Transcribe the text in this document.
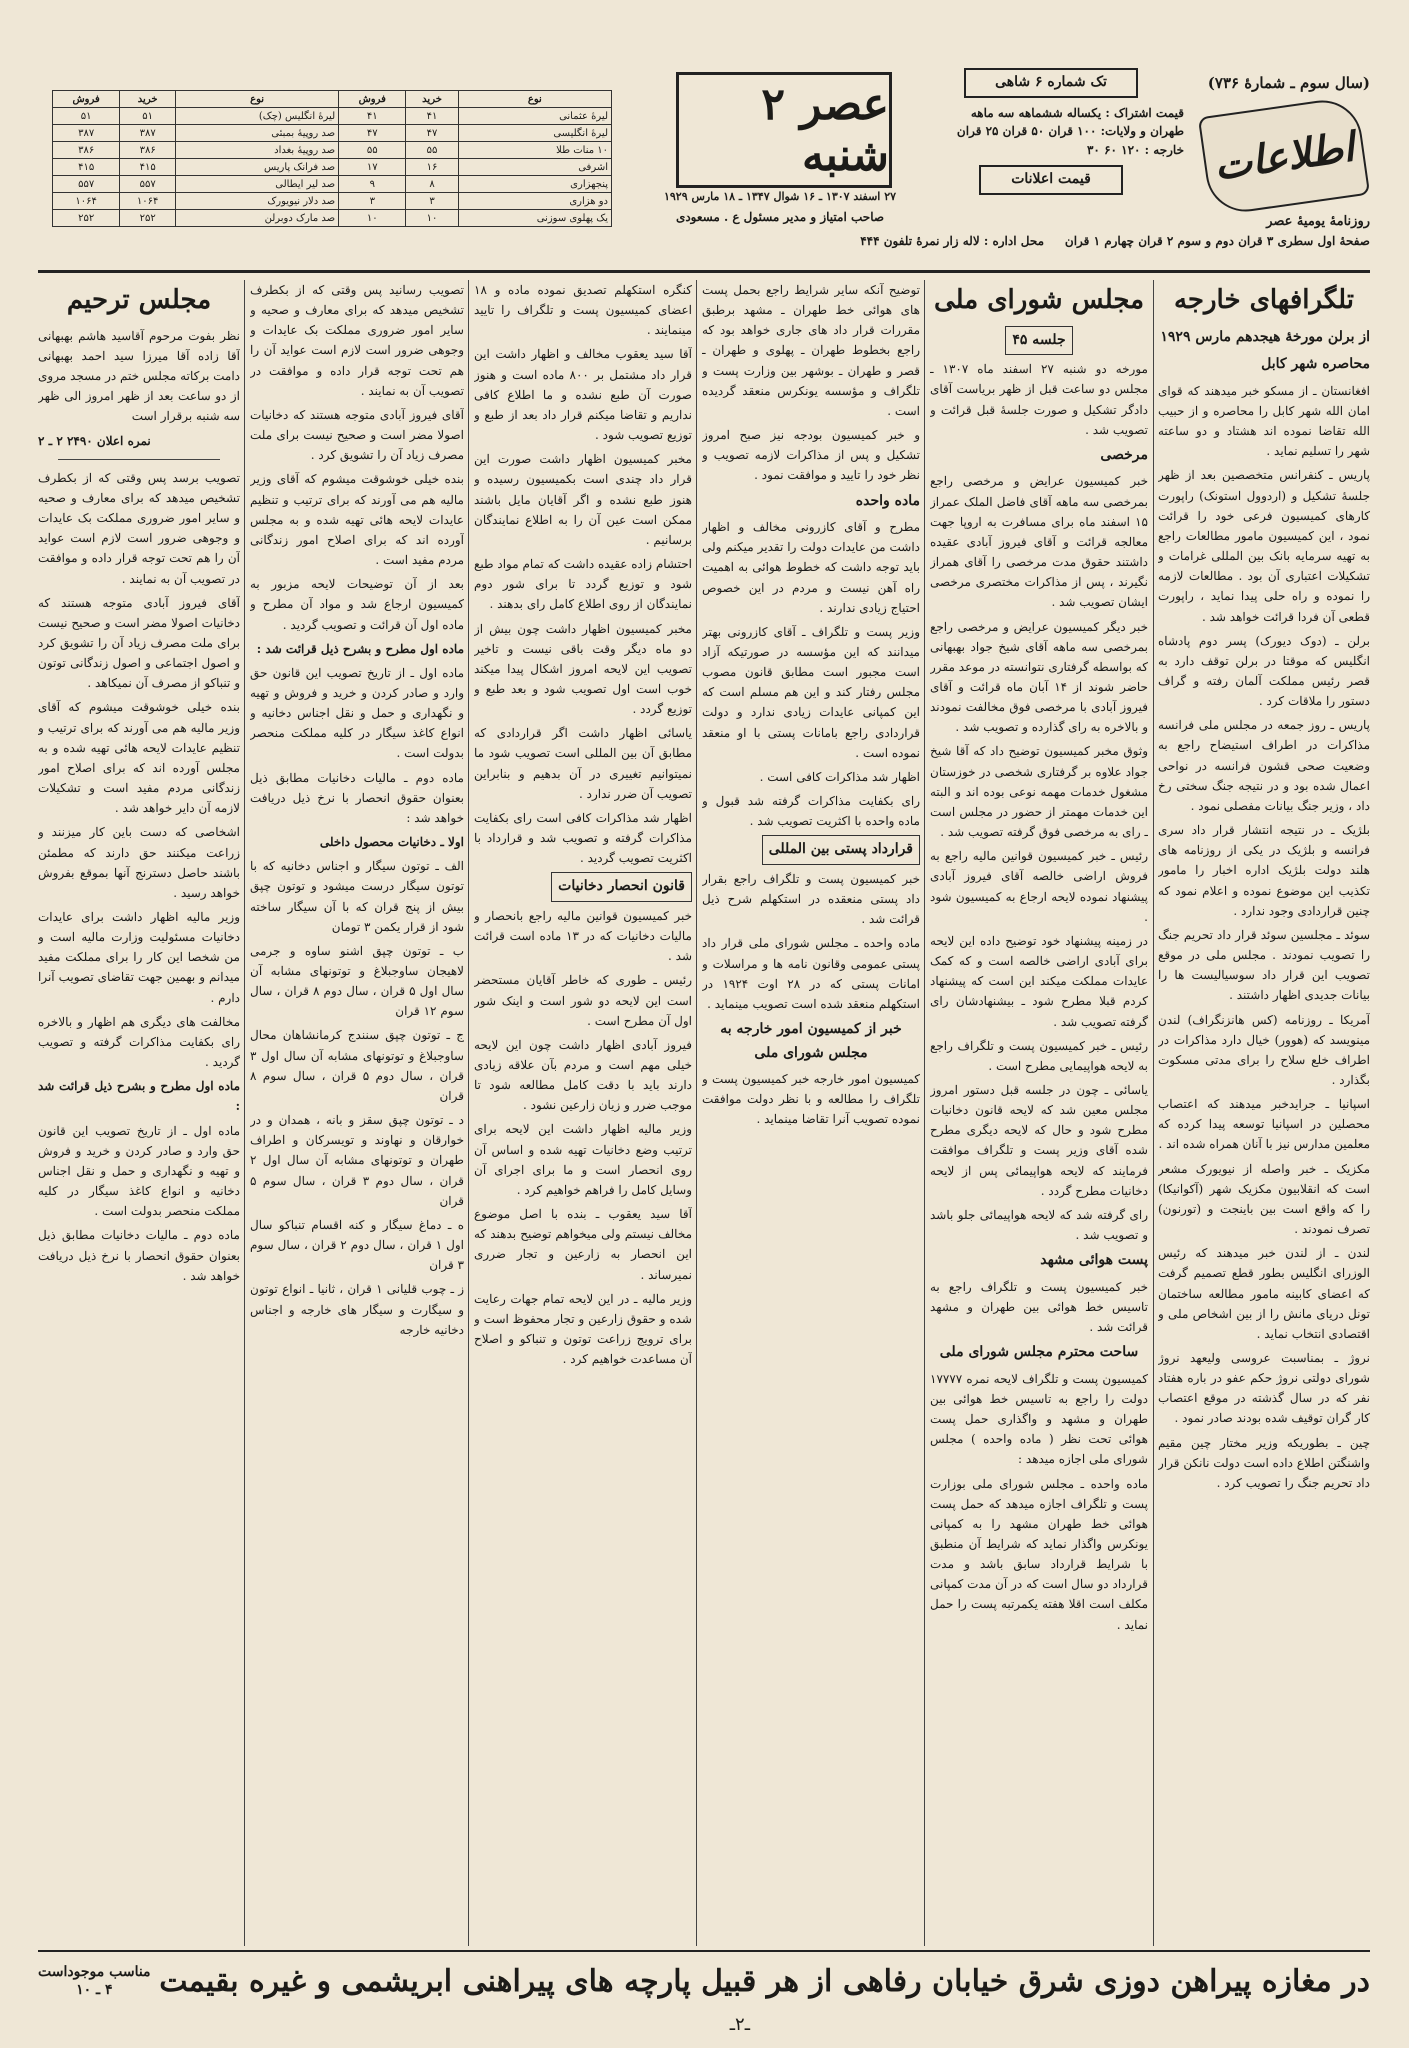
(سال سوم ـ شمارهٔ ۷۳۶)
اطلاعات
روزنامهٔ یومیهٔ عصر
تک شماره ۶ شاهی
قیمت اشتراک : یکساله ششماهه سه ماهه
طهران و ولایات: ۱۰۰ قران ۵۰ قران ۲۵ قران
خارجه : ۱۲۰ ۶۰ ۳۰
قیمت اعلانات
صفحهٔ اول سطری ۳ قران دوم و سوم ۲ قران چهارم ۱ قران     محل اداره : لاله زار نمرهٔ تلفون ۴۴۴
عصر ۲ شنبه
۲۷ اسفند ۱۳۰۷ ـ ۱۶ شوال ۱۳۴۷ ـ ۱۸ مارس ۱۹۲۹
صاحب امتیاز و مدیر مسئول ع . مسعودی
نوع	خرید	فروش	نوع	خرید	فروش
لیرهٔ عثمانی	۴۱	۴۱	لیرهٔ انگلیس (چک)	۵۱	۵۱
لیرهٔ انگلیسی	۴۷	۴۷	صد روپیهٔ بمبئی	۳۸۷	۳۸۷
۱۰ منات طلا	۵۵	۵۵	صد روپیهٔ بغداد	۳۸۶	۳۸۶
اشرفی	۱۶	۱۷	صد فرانک پاریس	۴۱۵	۴۱۵
پنجهزاری	۸	۹	صد لیر ایطالی	۵۵۷	۵۵۷
دو هزاری	۳	۳	صد دلار نیویورک	۱۰۶۴	۱۰۶۴
یک پهلوی سوزنی	۱۰	۱۰	صد مارک دوبرلن	۲۵۲	۲۵۲
تلگرافهای خارجه
از برلن مورخهٔ هیجدهم مارس ۱۹۲۹
محاصره شهر کابل

افغانستان ـ از مسکو خبر میدهند که قوای امان الله شهر کابل را محاصره و از حبیب الله تقاضا نموده اند هشتاد و دو ساعته شهر را تسلیم نماید .

پاریس ـ کنفرانس متخصصین بعد از ظهر جلسهٔ تشکیل و (اردوول استونک) راپورت کارهای کمیسیون فرعی خود را قرائت نمود ، این کمیسیون مامور مطالعات راجع به تهیه سرمایه بانک بین المللی غرامات و تشکیلات اعتباری آن بود . مطالعات لازمه را نموده و راه حلی پیدا نماید ، راپورت قطعی آن فردا قرائت خواهد شد .

برلن ـ (دوک دیورک) پسر دوم پادشاه انگلیس که موقتا در برلن توقف دارد به قصر رئیس مملکت آلمان رفته و گراف دستور را ملاقات کرد .

پاریس ـ روز جمعه در مجلس ملی فرانسه مذاکرات در اطراف استیضاح راجع به وضعیت صحی قشون فرانسه در نواحی اعمال شده بود و در نتیجه جنگ سختی رخ داد ، وزیر جنگ بیانات مفصلی نمود .

بلژیک ـ در نتیجه انتشار قرار داد سری فرانسه و بلژیک در یکی از روزنامه های هلند دولت بلژیک اداره اخبار را مامور تکذیب این موضوع نموده و اعلام نمود که چنین قراردادی وجود ندارد .

سوئد ـ مجلسین سوئد قرار داد تحریم جنگ را تصویب نمودند . مجلس ملی در موقع تصویب این قرار داد سوسیالیست ها را بیانات جدیدی اظهار داشتند .

آمریکا ـ روزنامه (کس هانزنگراف) لندن مینویسد که (هوور) خیال دارد مذاکرات در اطراف خلع سلاح را برای مدتی مسکوت بگذارد .

اسپانیا ـ جرایدخبر میدهند که اعتصاب محصلین در اسپانیا توسعه پیدا کرده که معلمین مدارس نیز با آنان همراه شده اند .

مکزیک ـ خبر واصله از نیویورک مشعر است که انقلابیون مکزیک شهر (آکوانیکا) را که واقع است بین باینجت و (تورنون) تصرف نمودند .

لندن ـ از لندن خبر میدهند که رئیس الوزرای انگلیس بطور قطع تصمیم گرفت که اعضای کابینه مامور مطالعه ساختمان تونل دریای مانش را از بین اشخاص ملی و اقتصادی انتخاب نماید .

نروژ ـ بمناسبت عروسی ولیعهد نروژ شورای دولتی نروژ حکم عفو در باره هفتاد نفر که در سال گذشته در موقع اعتصاب کار گران توقیف شده بودند صادر نمود .

چین ـ بطوریکه وزیر مختار چین مقیم واشنگتن اطلاع داده است دولت نانکن قرار داد تحریم جنگ را تصویب کرد .

مجلس شورای ملی
جلسه ۴۵

مورخه دو شنبه ۲۷ اسفند ماه ۱۳۰۷ ـ مجلس دو ساعت قبل از ظهر بریاست آقای دادگر تشکیل و صورت جلسهٔ قبل قرائت و تصویب شد .

مرخصی

خبر کمیسیون عرایض و مرخصی راجع بمرخصی سه ماهه آقای فاضل الملک عمراز ۱۵ اسفند ماه برای مسافرت به اروپا جهت معالجه قرائت و آقای فیروز آبادی عقیده داشتند حقوق مدت مرخصی را آقای همراز نگیرند ، پس از مذاکرات مختصری مرخصی ایشان تصویب شد .

خبر دیگر کمیسیون عرایض و مرخصی راجع بمرخصی سه ماهه آقای شیخ جواد بهبهانی که بواسطه گرفتاری نتوانسته در موعد مقرر حاضر شوند از ۱۴ آبان ماه قرائت و آقای فیروز آبادی با مرخصی فوق مخالفت نمودند و بالاخره به رای گذارده و تصویب شد .

وثوق مخبر کمیسیون توضیح داد که آقا شیخ جواد علاوه بر گرفتاری شخصی در خوزستان مشغول خدمات مهمه نوعی بوده اند و البته این خدمات مهمتر از حضور در مجلس است ـ رای به مرخصی فوق گرفته تصویب شد .

رئیس ـ خبر کمیسیون قوانین مالیه راجع به فروش اراضی خالصه آقای فیروز آبادی پیشنهاد نموده لایحه ارجاع به کمیسیون شود .

در زمینه پیشنهاد خود توضیح داده این لایحه برای آبادی اراضی خالصه است و که کمک عایدات مملکت میکند این است که پیشنهاد کردم قبلا مطرح شود ـ بیشنهادشان رای گرفته تصویب شد .

رئیس ـ خبر کمیسیون پست و تلگراف راجع به لایحه هواپیمایی مطرح است .

یاسائی ـ چون در جلسه قبل دستور امروز مجلس معین شد که لایحه قانون دخانیات مطرح شود و حال که لایحه دیگری مطرح شده آقای وزیر پست و تلگراف موافقت فرمایند که لایحه هواپیمائی پس از لایحه دخانیات مطرح گردد .

رای گرفته شد که لایحه هواپیمائی جلو باشد و تصویب شد .

پست هوائی مشهد

خبر کمیسیون پست و تلگراف راجع به تاسیس خط هوائی بین طهران و مشهد قرائت شد .

ساحت محترم مجلس شورای ملی

کمیسیون پست و تلگراف لایحه نمره ۱۷۷۷۷ دولت را راجع به تاسیس خط هوائی بین طهران و مشهد و واگذاری حمل پست هوائی تحت نظر ( ماده واحده ) مجلس شورای ملی اجازه میدهد :

ماده واحده ـ مجلس شورای ملی بوزارت پست و تلگراف اجازه میدهد که حمل پست هوائی خط طهران مشهد را به کمپانی یونکرس واگذار نماید که شرایط آن منطبق با شرایط قرارداد سابق باشد و مدت قرارداد دو سال است که در آن مدت کمپانی مکلف است اقلا هفته یکمرتبه پست را حمل نماید .

توضیح آنکه سایر شرایط راجع بحمل پست های هوائی خط طهران ـ مشهد برطبق مقررات قرار داد های جاری خواهد بود که راجع بخطوط طهران ـ پهلوی و طهران ـ قصر و طهران ـ بوشهر بین وزارت پست و تلگراف و مؤسسه یونکرس منعقد گردیده است .

و خبر کمیسیون بودجه نیز صبح امروز تشکیل و پس از مذاکرات لازمه تصویب و نظر خود را تایید و موافقت نمود .

ماده واحده

مطرح و آقای کازرونی مخالف و اظهار داشت من عایدات دولت را تقدیر میکنم ولی باید توجه داشت که خطوط هوائی به اهمیت راه آهن نیست و مردم در این خصوص احتیاج زیادی ندارند .

وزیر پست و تلگراف ـ آقای کازرونی بهتر میدانند که این مؤسسه در صورتیکه آزاد است مجبور است مطابق قانون مصوب مجلس رفتار کند و این هم مسلم است که این کمپانی عایدات زیادی ندارد و دولت قراردادی راجع بامانات پستی با او منعقد نموده است .

اظهار شد مذاکرات کافی است .

رای بکفایت مذاکرات گرفته شد قبول و ماده واحده با اکثریت تصویب شد .

قرارداد پستی بین المللی

خبر کمیسیون پست و تلگراف راجع بقرار داد پستی منعقده در استکهلم شرح ذیل قرائت شد .

ماده واحده ـ مجلس شورای ملی قرار داد پستی عمومی وقانون نامه ها و مراسلات و امانات پستی که در ۲۸ اوت ۱۹۲۴ در استکهلم منعقد شده است تصویب مینماید .

خبر از کمیسیون امور خارجه به مجلس شورای ملی

کمیسیون امور خارجه خبر کمیسیون پست و تلگراف را مطالعه و با نظر دولت موافقت نموده تصویب آنرا تقاضا مینماید .

کنگره استکهلم تصدیق نموده ماده و ۱۸ اعضای کمیسیون پست و تلگراف را تایید مینمایند .

آقا سید یعقوب مخالف و اظهار داشت این قرار داد مشتمل بر ۸۰۰ ماده است و هنوز صورت آن طبع نشده و ما اطلاع کافی نداریم و تقاضا میکنم قرار داد بعد از طبع و توزیع تصویب شود .

مخبر کمیسیون اظهار داشت صورت این قرار داد چندی است بکمیسیون رسیده و هنوز طبع نشده و اگر آقایان مایل باشند ممکن است عین آن را به اطلاع نمایندگان برسانیم .

احتشام زاده عقیده داشت که تمام مواد طبع شود و توزیع گردد تا برای شور دوم نمایندگان از روی اطلاع کامل رای بدهند .

مخبر کمیسیون اظهار داشت چون بیش از دو ماه دیگر وقت باقی نیست و تاخیر تصویب این لایحه امروز اشکال پیدا میکند خوب است اول تصویب شود و بعد طبع و توزیع گردد .

یاسائی اظهار داشت اگر قراردادی که مطابق آن بین المللی است تصویب شود ما نمیتوانیم تغییری در آن بدهیم و بنابراین تصویب آن ضرر ندارد .

اظهار شد مذاکرات کافی است رای بکفایت مذاکرات گرفته و تصویب شد و قرارداد با اکثریت تصویب گردید .

قانون انحصار دخانیات

خبر کمیسیون قوانین مالیه راجع بانحصار و مالیات دخانیات که در ۱۳ ماده است قرائت شد .

رئیس ـ طوری که خاطر آقایان مستحضر است این لایحه دو شور است و اینک شور اول آن مطرح است .

فیروز آبادی اظهار داشت چون این لایحه خیلی مهم است و مردم بآن علاقه زیادی دارند باید با دقت کامل مطالعه شود تا موجب ضرر و زیان زارعین نشود .

وزیر مالیه اظهار داشت این لایحه برای ترتیب وضع دخانیات تهیه شده و اساس آن روی انحصار است و ما برای اجرای آن وسایل کامل را فراهم خواهیم کرد .

آقا سید یعقوب ـ بنده با اصل موضوع مخالف نیستم ولی میخواهم توضیح بدهند که این انحصار به زارعین و تجار ضرری نمیرساند .

وزیر مالیه ـ در این لایحه تمام جهات رعایت شده و حقوق زارعین و تجار محفوظ است و برای ترویج زراعت توتون و تنباکو و اصلاح آن مساعدت خواهیم کرد .

تصویب رسانید پس وقتی که از بکطرف تشخیص میدهد که برای معارف و صحیه و سایر امور ضروری مملکت بک عایدات و وجوهی ضرور است لازم است عواید آن را هم تحت توجه قرار داده و موافقت در تصویب آن به نمایند .

آقای فیروز آبادی متوجه هستند که دخانیات اصولا مضر است و صحیح نیست برای ملت مصرف زیاد آن را تشویق کرد .

بنده خیلی خوشوقت میشوم که آقای وزیر مالیه هم می آورند که برای ترتیب و تنظیم عایدات لایحه هائی تهیه شده و به مجلس آورده اند که برای اصلاح امور زندگانی مردم مفید است .

بعد از آن توضیحات لایحه مزبور به کمیسیون ارجاع شد و مواد آن مطرح و ماده اول آن قرائت و تصویب گردید .

ماده اول مطرح و بشرح ذیل قرائت شد :

ماده اول ـ از تاریخ تصویب این قانون حق وارد و صادر کردن و خرید و فروش و تهیه و نگهداری و حمل و نقل اجناس دخانیه و انواع کاغذ سیگار در کلیه مملکت منحصر بدولت است .

ماده دوم ـ مالیات دخانیات مطابق ذیل بعنوان حقوق انحصار با نرخ ذیل دریافت خواهد شد :

اولا ـ دخانیات محصول داخلی

الف ـ توتون سیگار و اجناس دخانیه که با توتون سیگار درست میشود و توتون چپق بیش از پنج قران که با آن سیگار ساخته شود از قرار یکمن ۳ تومان

ب ـ توتون چپق اشنو ساوه و جرمی لاهیجان ساوجبلاغ و توتونهای مشابه آن سال اول ۵ قران ، سال دوم ۸ قران ، سال سوم ۱۲ قران

ج ـ توتون چپق سنندج کرمانشاهان محال ساوجبلاغ و توتونهای مشابه آن سال اول ۳ قران ، سال دوم ۵ قران ، سال سوم ۸ قران

د ـ توتون چپق سقز و بانه ، همدان و در خوارقان و نهاوند و تویسرکان و اطراف طهران و توتونهای مشابه آن سال اول ۲ قران ، سال دوم ۳ قران ، سال سوم ۵ قران

ه ـ دماغ سیگار و کنه اقسام تنباکو سال اول ۱ قران ، سال دوم ۲ قران ، سال سوم ۳ قران

ز ـ چوب قلیانی ۱ قران ، ثانیا ـ انواع توتون و سیگارت و سیگار های خارجه و اجناس دخانیه خارجه

مجلس ترحیم

نظر بفوت مرحوم آقاسید هاشم بهبهانی آقا زاده آقا میرزا سید احمد بهبهانی دامت برکاته مجلس ختم در مسجد مروی از دو ساعت بعد از ظهر امروز الی ظهر سه شنبه برقرار است

نمره اعلان ۲۴۹۰ ۲ ـ ۲

تصویب برسد پس وقتی که از بکطرف تشخیص میدهد که برای معارف و صحیه و سایر امور ضروری مملکت بک عایدات و وجوهی ضرور است لازم است عواید آن را هم تحت توجه قرار داده و موافقت در تصویب آن به نمایند .

آقای فیروز آبادی متوجه هستند که دخانیات اصولا مضر است و صحیح نیست برای ملت مصرف زیاد آن را تشویق کرد و اصول اجتماعی و اصول زندگانی توتون و تنباکو از مصرف آن نمیکاهد .

بنده خیلی خوشوقت میشوم که آقای وزیر مالیه هم می آورند که برای ترتیب و تنظیم عایدات لایحه هائی تهیه شده و به مجلس آورده اند که برای اصلاح امور زندگانی مردم مفید است و تشکیلات لازمه آن دایر خواهد شد .

اشخاصی که دست باین کار میزنند و زراعت میکنند حق دارند که مطمئن باشند حاصل دسترنج آنها بموقع بفروش خواهد رسید .

وزیر مالیه اظهار داشت برای عایدات دخانیات مسئولیت وزارت مالیه است و من شخصا این کار را برای مملکت مفید میدانم و بهمین جهت تقاضای تصویب آنرا دارم .

مخالفت های دیگری هم اظهار و بالاخره رای بکفایت مذاکرات گرفته و تصویب گردید .

ماده اول مطرح و بشرح ذیل قرائت شد :

ماده اول ـ از تاریخ تصویب این قانون حق وارد و صادر کردن و خرید و فروش و تهیه و نگهداری و حمل و نقل اجناس دخانیه و انواع کاغذ سیگار در کلیه مملکت منحصر بدولت است .

ماده دوم ـ مالیات دخانیات مطابق ذیل بعنوان حقوق انحصار با نرخ ذیل دریافت خواهد شد .

در مغازه پیراهن دوزی شرق خیابان رفاهی از هر قبیل پارچه های پیراهنی ابریشمی و غیره بقیمت
مناسب موجوداست
۴ ـ ۱۰
ـ۲ـ
